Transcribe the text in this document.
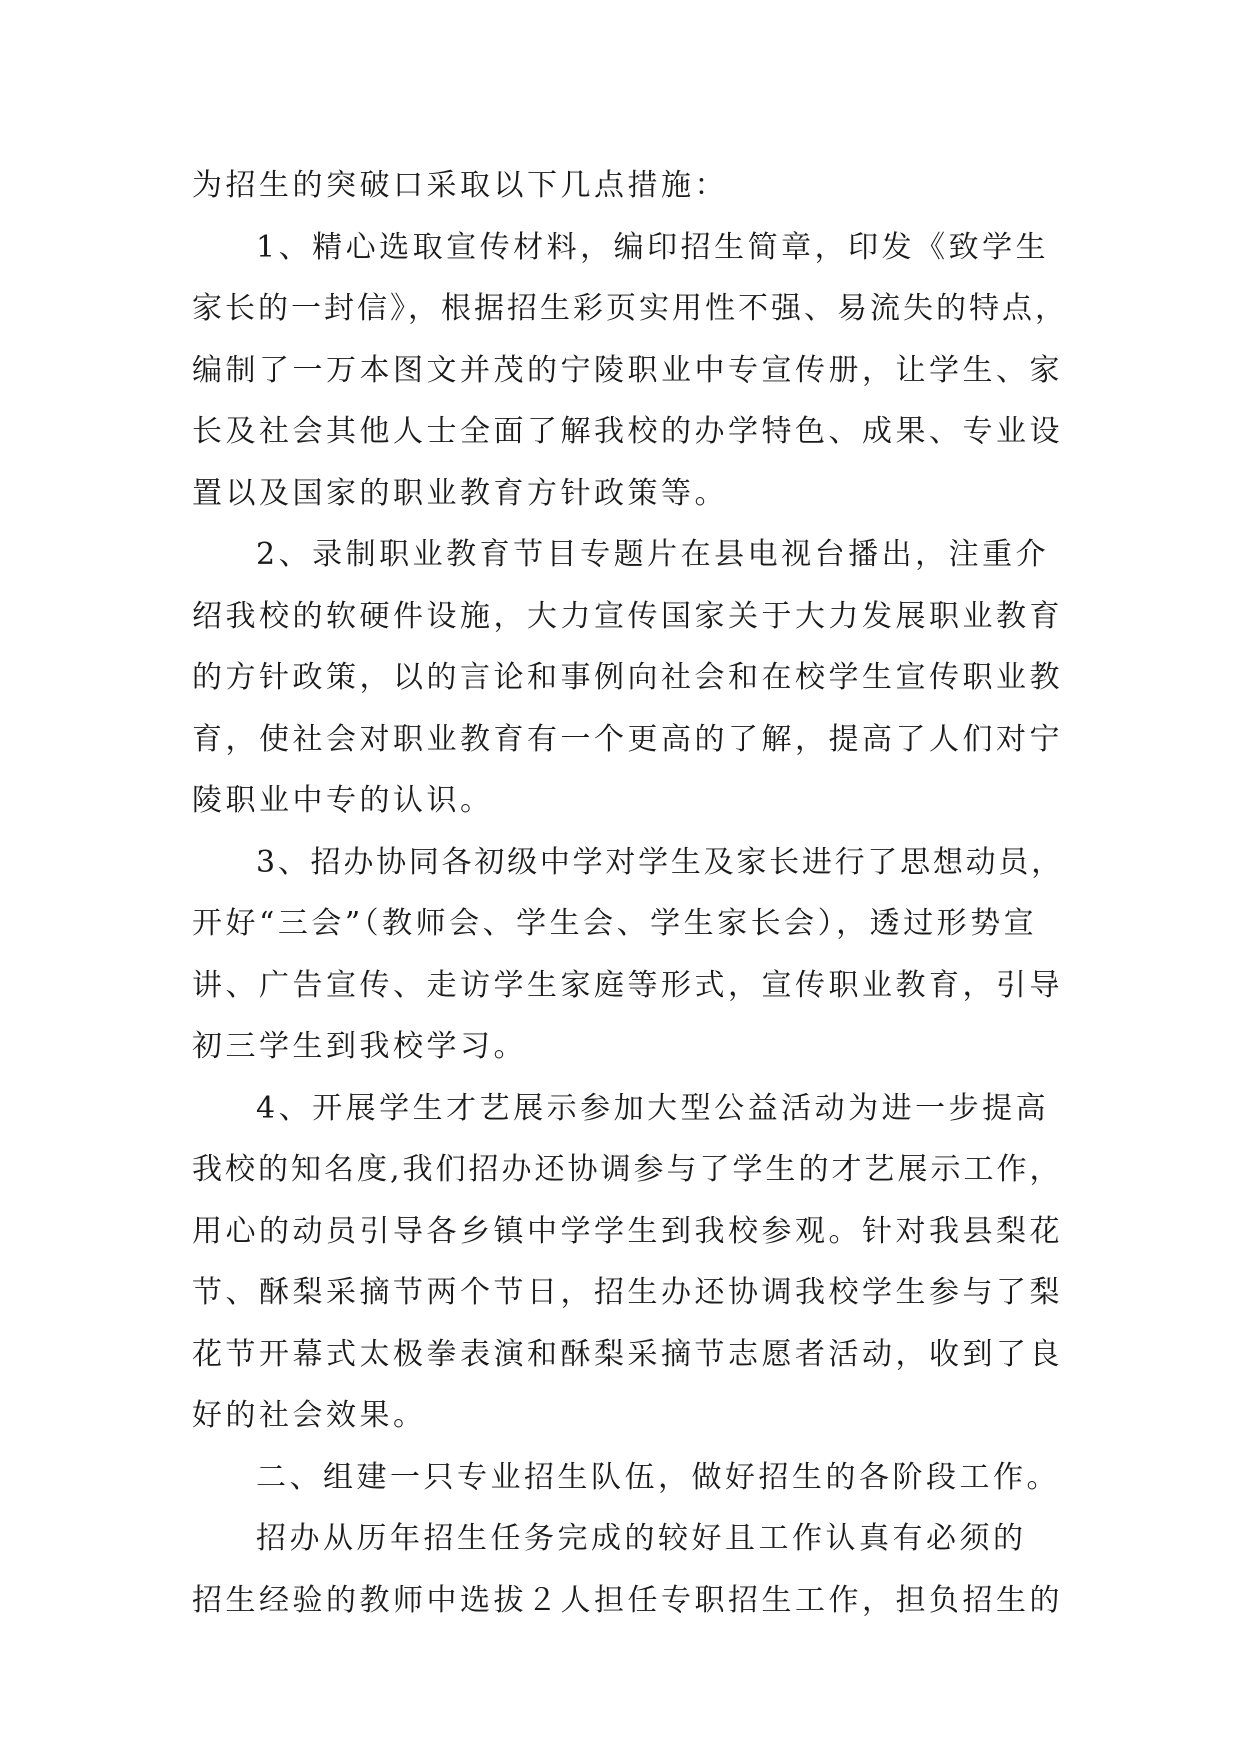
为招生的突破口采取以下几点措施：
1、精心选取宣传材料，编印招生简章，印发《致学生
家长的一封信》，根据招生彩页实用性不强、易流失的特点，
编制了一万本图文并茂的宁陵职业中专宣传册，让学生、家
长及社会其他人士全面了解我校的办学特色、成果、专业设
置以及国家的职业教育方针政策等。
2、录制职业教育节目专题片在县电视台播出，注重介
绍我校的软硬件设施，大力宣传国家关于大力发展职业教育
的方针政策，以的言论和事例向社会和在校学生宣传职业教
育，使社会对职业教育有一个更高的了解，提高了人们对宁
陵职业中专的认识。
3、招办协同各初级中学对学生及家长进行了思想动员，
开好“三会”（教师会、学生会、学生家长会），透过形势宣
讲、广告宣传、走访学生家庭等形式，宣传职业教育，引导
初三学生到我校学习。
4、开展学生才艺展示参加大型公益活动为进一步提高
我校的知名度,我们招办还协调参与了学生的才艺展示工作，
用心的动员引导各乡镇中学学生到我校参观。针对我县梨花
节、酥梨采摘节两个节日，招生办还协调我校学生参与了梨
花节开幕式太极拳表演和酥梨采摘节志愿者活动，收到了良
好的社会效果。
二、组建一只专业招生队伍，做好招生的各阶段工作。
招办从历年招生任务完成的较好且工作认真有必须的
招生经验的教师中选拔２人担任专职招生工作，担负招生的
